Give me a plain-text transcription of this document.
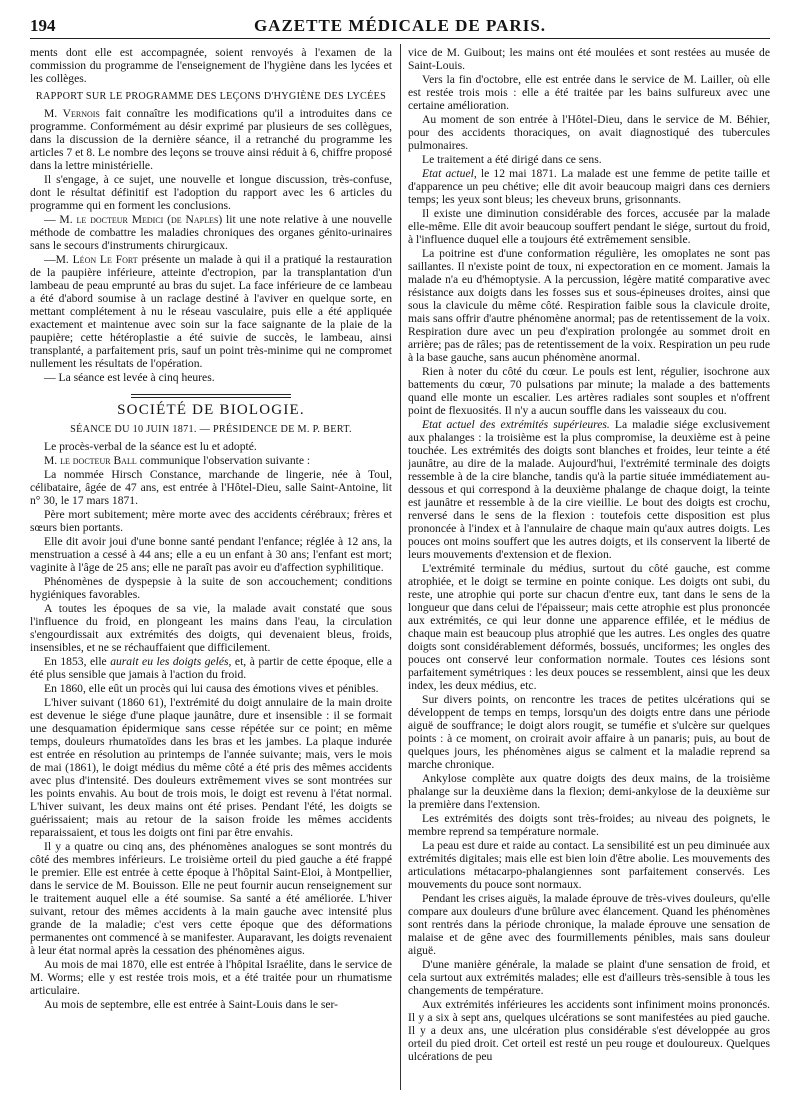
194	GAZETTE MÉDICALE DE PARIS.

ments dont elle est accompagnée, soient renvoyés à l'examen de la commission du programme de l'enseignement de l'hygiène dans les lycées et les collèges.

RAPPORT SUR LE PROGRAMME DES LEÇONS D'HYGIÈNE DES LYCÉES

M. Vernois fait connaître les modifications qu'il a introduites dans ce programme. Conformément au désir exprimé par plusieurs de ses collègues, dans la discussion de la dernière séance, il a retranché du programme les articles 7 et 8. Le nombre des leçons se trouve ainsi réduit à 6, chiffre proposé dans la lettre ministérielle.

Il s'engage, à ce sujet, une nouvelle et longue discussion, très-confuse, dont le résultat définitif est l'adoption du rapport avec les 6 articles du programme qui en forment les conclusions.

— M. le docteur Medici (de Naples) lit une note relative à une nouvelle méthode de combattre les maladies chroniques des organes génito-urinaires sans le secours d'instruments chirurgicaux.

—M. Léon Le Fort présente un malade à qui il a pratiqué la restauration de la paupière inférieure, atteinte d'ectropion, par la transplantation d'un lambeau de peau emprunté au bras du sujet. La face inférieure de ce lambeau a été d'abord soumise à un raclage destiné à l'aviver en quelque sorte, en mettant complétement à nu le réseau vasculaire, puis elle a été appliquée exactement et maintenue avec soin sur la face saignante de la plaie de la paupière; cette hétéroplastie a été suivie de succès, le lambeau, ainsi transplanté, a parfaitement pris, sauf un point très-minime qui ne compromet nullement les résultats de l'opération.

— La séance est levée à cinq heures.

SOCIÉTÉ DE BIOLOGIE.
SÉANCE DU 10 JUIN 1871. — PRÉSIDENCE DE M. P. BERT.

Le procès-verbal de la séance est lu et adopté.

M. le docteur Ball communique l'observation suivante :

La nommée Hirsch Constance, marchande de lingerie, née à Toul, célibataire, âgée de 47 ans, est entrée à l'Hôtel-Dieu, salle Saint-Antoine, lit n° 30, le 17 mars 1871.

Père mort subitement; mère morte avec des accidents cérébraux; frères et sœurs bien portants.

Elle dit avoir joui d'une bonne santé pendant l'enfance; réglée à 12 ans, la menstruation a cessé à 44 ans; elle a eu un enfant à 30 ans; l'enfant est mort; vaginite à l'âge de 25 ans; elle ne paraît pas avoir eu d'affection syphilitique.

Phénomènes de dyspepsie à la suite de son accouchement; conditions hygiéniques favorables.

A toutes les époques de sa vie, la malade avait constaté que sous l'influence du froid, en plongeant les mains dans l'eau, la circulation s'engourdissait aux extrémités des doigts, qui devenaient bleus, froids, insensibles, et ne se réchauffaient que difficilement.

En 1853, elle aurait eu les doigts gelés, et, à partir de cette époque, elle a été plus sensible que jamais à l'action du froid.

En 1860, elle eût un procès qui lui causa des émotions vives et pénibles.

L'hiver suivant (1860 61), l'extrémité du doigt annulaire de la main droite est devenue le siége d'une plaque jaunâtre, dure et insensible : il se formait une desquamation épidermique sans cesse répétée sur ce point; en même temps, douleurs rhumatoïdes dans les bras et les jambes. La plaque indurée est entrée en résolution au printemps de l'année suivante; mais, vers le mois de mai (1861), le doigt médius du même côté a été pris des mêmes accidents avec plus d'intensité. Des douleurs extrêmement vives se sont montrées sur les points envahis. Au bout de trois mois, le doigt est revenu à l'état normal. L'hiver suivant, les deux mains ont été prises. Pendant l'été, les doigts se guérissaient; mais au retour de la saison froide les mêmes accidents reparaissaient, et tous les doigts ont fini par être envahis.

Il y a quatre ou cinq ans, des phénomènes analogues se sont montrés du côté des membres inférieurs. Le troisième orteil du pied gauche a été frappé le premier. Elle est entrée à cette époque à l'hôpital Saint-Eloi, à Montpellier, dans le service de M. Bouisson. Elle ne peut fournir aucun renseignement sur le traitement auquel elle a été soumise. Sa santé a été améliorée. L'hiver suivant, retour des mêmes accidents à la main gauche avec intensité plus grande de la maladie; c'est vers cette époque que des déformations permanentes ont commencé à se manifester. Auparavant, les doigts revenaient à leur état normal après la cessation des phénomènes aigus.

Au mois de mai 1870, elle est entrée à l'hôpital Israélite, dans le service de M. Worms; elle y est restée trois mois, et a été traitée pour un rhumatisme articulaire.

Au mois de septembre, elle est entrée à Saint-Louis dans le ser-

vice de M. Guibout; les mains ont été moulées et sont restées au musée de Saint-Louis.

Vers la fin d'octobre, elle est entrée dans le service de M. Lailler, où elle est restée trois mois : elle a été traitée par les bains sulfureux avec une certaine amélioration.

Au moment de son entrée à l'Hôtel-Dieu, dans le service de M. Béhier, pour des accidents thoraciques, on avait diagnostiqué des tubercules pulmonaires.

Le traitement a été dirigé dans ce sens.

Etat actuel, le 12 mai 1871. La malade est une femme de petite taille et d'apparence un peu chétive; elle dit avoir beaucoup maigri dans ces derniers temps; les yeux sont bleus; les cheveux bruns, grisonnants.

Il existe une diminution considérable des forces, accusée par la malade elle-même. Elle dit avoir beaucoup souffert pendant le siége, surtout du froid, à l'influence duquel elle a toujours été extrêmement sensible.

La poitrine est d'une conformation régulière, les omoplates ne sont pas saillantes. Il n'existe point de toux, ni expectoration en ce moment. Jamais la malade n'a eu d'hémoptysie. A la percussion, légère matité comparative avec résistance aux doigts dans les fosses sus et sous-épineuses droites, ainsi que sous la clavicule du même côté. Respiration faible sous la clavicule droite, mais sans offrir d'autre phénomène anormal; pas de retentissement de la voix. Respiration dure avec un peu d'expiration prolongée au sommet droit en arrière; pas de râles; pas de retentissement de la voix. Respiration un peu rude à la base gauche, sans aucun phénomène anormal.

Rien à noter du côté du cœur. Le pouls est lent, régulier, isochrone aux battements du cœur, 70 pulsations par minute; la malade a des battements quand elle monte un escalier. Les artères radiales sont souples et n'offrent point de flexuosités. Il n'y a aucun souffle dans les vaisseaux du cou.

Etat actuel des extrémités supérieures. La maladie siége exclusivement aux phalanges : la troisième est la plus compromise, la deuxième est à peine touchée. Les extrémités des doigts sont blanches et froides, leur teinte a été jaunâtre, au dire de la malade. Aujourd'hui, l'extrémité terminale des doigts ressemble à de la cire blanche, tandis qu'à la partie située immédiatement au-dessous et qui correspond à la deuxième phalange de chaque doigt, la teinte est jaunâtre et ressemble à de la cire vieillie. Le bout des doigts est crochu, renversé dans le sens de la flexion : toutefois cette disposition est plus prononcée à l'index et à l'annulaire de chaque main qu'aux autres doigts. Les pouces ont moins souffert que les autres doigts, et ils conservent la liberté de leurs mouvements d'extension et de flexion.

L'extrémité terminale du médius, surtout du côté gauche, est comme atrophiée, et le doigt se termine en pointe conique. Les doigts ont subi, du reste, une atrophie qui porte sur chacun d'entre eux, tant dans le sens de la longueur que dans celui de l'épaisseur; mais cette atrophie est plus prononcée aux extrémités, ce qui leur donne une apparence effilée, et le médius de chaque main est beaucoup plus atrophié que les autres. Les ongles des quatre doigts sont considérablement déformés, bossués, unciformes; les ongles des pouces ont conservé leur conformation normale. Toutes ces lésions sont parfaitement symétriques : les deux pouces se ressemblent, ainsi que les deux index, les deux médius, etc.

Sur divers points, on rencontre les traces de petites ulcérations qui se développent de temps en temps, lorsqu'un des doigts entre dans une période aiguë de souffrance; le doigt alors rougit, se tuméfie et s'ulcère sur quelques points : à ce moment, on croirait avoir affaire à un panaris; puis, au bout de quelques jours, les phénomènes aigus se calment et la maladie reprend sa marche chronique.

Ankylose complète aux quatre doigts des deux mains, de la troisième phalange sur la deuxième dans la flexion; demi-ankylose de la deuxième sur la première dans l'extension.

Les extrémités des doigts sont très-froides; au niveau des poignets, le membre reprend sa température normale.

La peau est dure et raide au contact. La sensibilité est un peu diminuée aux extrémités digitales; mais elle est bien loin d'être abolie. Les mouvements des articulations métacarpo-phalangiennes sont parfaitement conservés. Les mouvements du pouce sont normaux.

Pendant les crises aiguës, la malade éprouve de très-vives douleurs, qu'elle compare aux douleurs d'une brûlure avec élancement. Quand les phénomènes sont rentrés dans la période chronique, la malade éprouve une sensation de malaise et de gêne avec des fourmillements pénibles, mais sans douleur aiguë.

D'une manière générale, la malade se plaint d'une sensation de froid, et cela surtout aux extrémités malades; elle est d'ailleurs très-sensible à tous les changements de température.

Aux extrémités inférieures les accidents sont infiniment moins prononcés. Il y a six à sept ans, quelques ulcérations se sont manifestées au pied gauche. Il y a deux ans, une ulcération plus considérable s'est développée au gros orteil du pied droit. Cet orteil est resté un peu rouge et douloureux. Quelques ulcérations de peu
